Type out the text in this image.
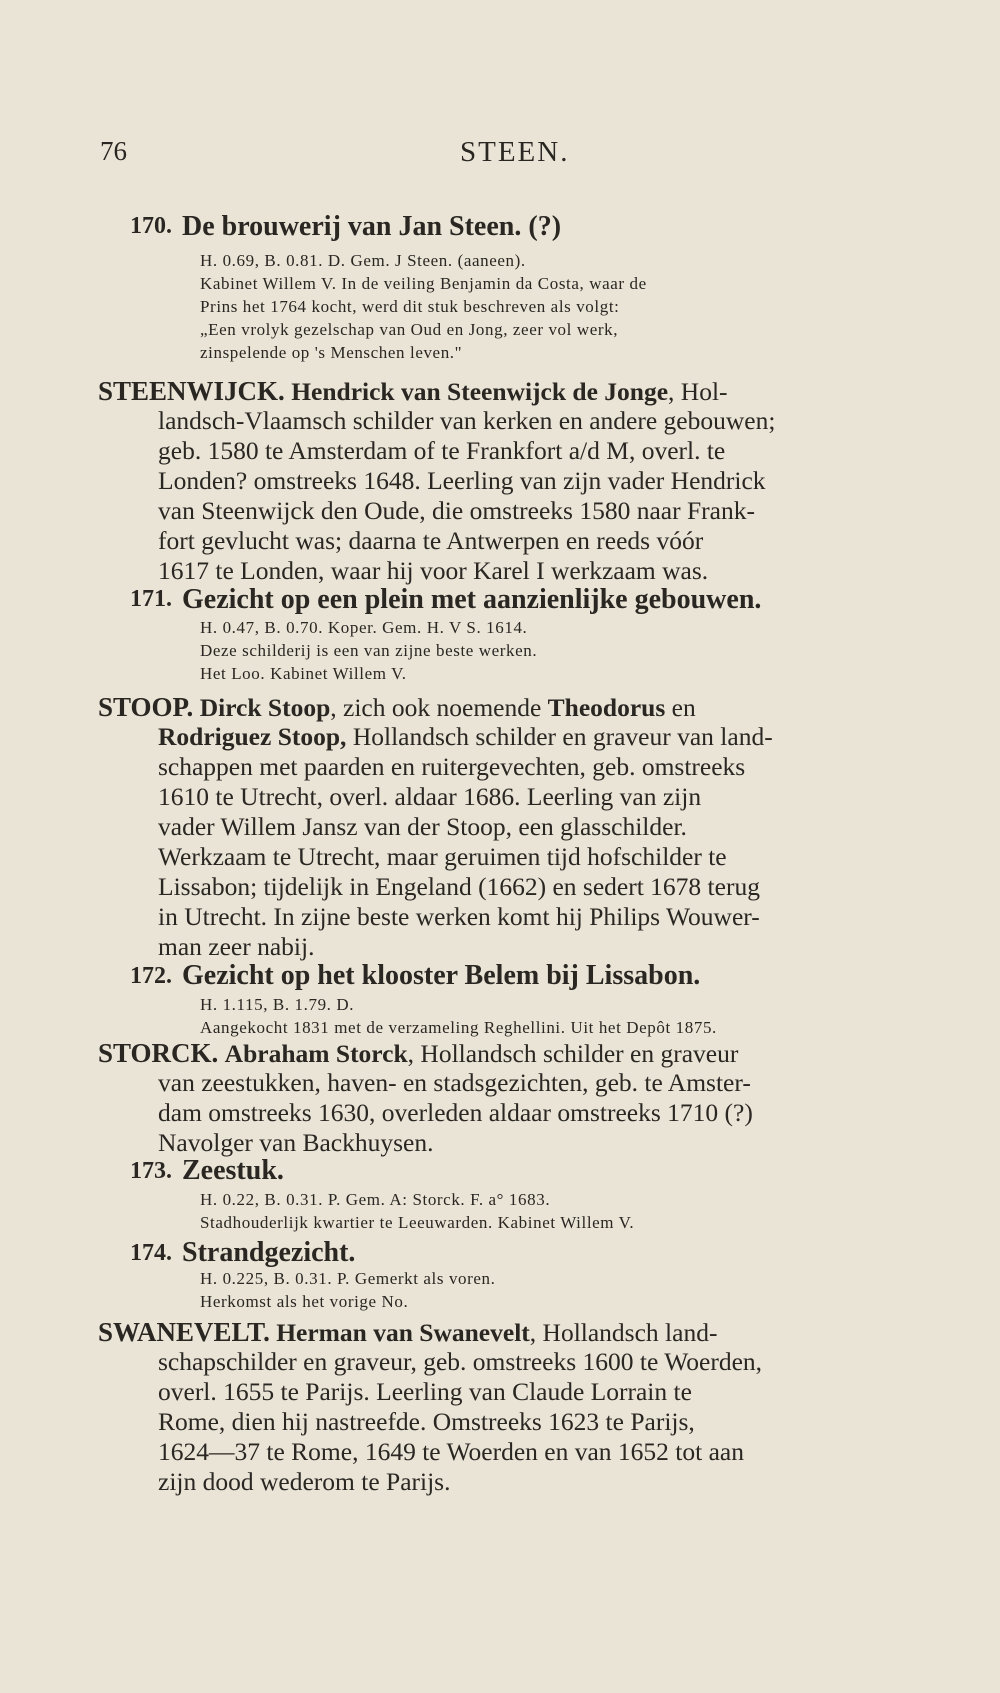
76	STEEN.
170. De brouwerij van Jan Steen. (?)
H. 0.69, B. 0.81. D. Gem. J Steen. (aaneen).
Kabinet Willem V. In de veiling Benjamin da Costa, waar de
Prins het 1764 kocht, werd dit stuk beschreven als volgt:
„Een vrolyk gezelschap van Oud en Jong, zeer vol werk,
zinspelende op 's Menschen leven."
STEENWIJCK. Hendrick van Steenwijck de Jonge, Hol-
landsch-Vlaamsch schilder van kerken en andere gebouwen;
geb. 1580 te Amsterdam of te Frankfort a/d M, overl. te
Londen? omstreeks 1648. Leerling van zijn vader Hendrick
van Steenwijck den Oude, die omstreeks 1580 naar Frank-
fort gevlucht was; daarna te Antwerpen en reeds vóór
1617 te Londen, waar hij voor Karel I werkzaam was.
171. Gezicht op een plein met aanzienlijke gebouwen.
H. 0.47, B. 0.70. Koper. Gem. H. V S. 1614.
Deze schilderij is een van zijne beste werken.
Het Loo. Kabinet Willem V.
STOOP. Dirck Stoop, zich ook noemende Theodorus en
Rodriguez Stoop, Hollandsch schilder en graveur van land-
schappen met paarden en ruitergevechten, geb. omstreeks
1610 te Utrecht, overl. aldaar 1686. Leerling van zijn
vader Willem Jansz van der Stoop, een glasschilder.
Werkzaam te Utrecht, maar geruimen tijd hofschilder te
Lissabon; tijdelijk in Engeland (1662) en sedert 1678 terug
in Utrecht. In zijne beste werken komt hij Philips Wouwer-
man zeer nabij.
172. Gezicht op het klooster Belem bij Lissabon.
H. 1.115, B. 1.79. D.
Aangekocht 1831 met de verzameling Reghellini. Uit het Depôt 1875.
STORCK. Abraham Storck, Hollandsch schilder en graveur
van zeestukken, haven- en stadsgezichten, geb. te Amster-
dam omstreeks 1630, overleden aldaar omstreeks 1710 (?)
Navolger van Backhuysen.
173. Zeestuk.
H. 0.22, B. 0.31. P. Gem. A: Storck. F. a° 1683.
Stadhouderlijk kwartier te Leeuwarden. Kabinet Willem V.
174. Strandgezicht.
H. 0.225, B. 0.31. P. Gemerkt als voren.
Herkomst als het vorige No.
SWANEVELT. Herman van Swanevelt, Hollandsch land-
schapschilder en graveur, geb. omstreeks 1600 te Woerden,
overl. 1655 te Parijs. Leerling van Claude Lorrain te
Rome, dien hij nastreefde. Omstreeks 1623 te Parijs,
1624—37 te Rome, 1649 te Woerden en van 1652 tot aan
zijn dood wederom te Parijs.
